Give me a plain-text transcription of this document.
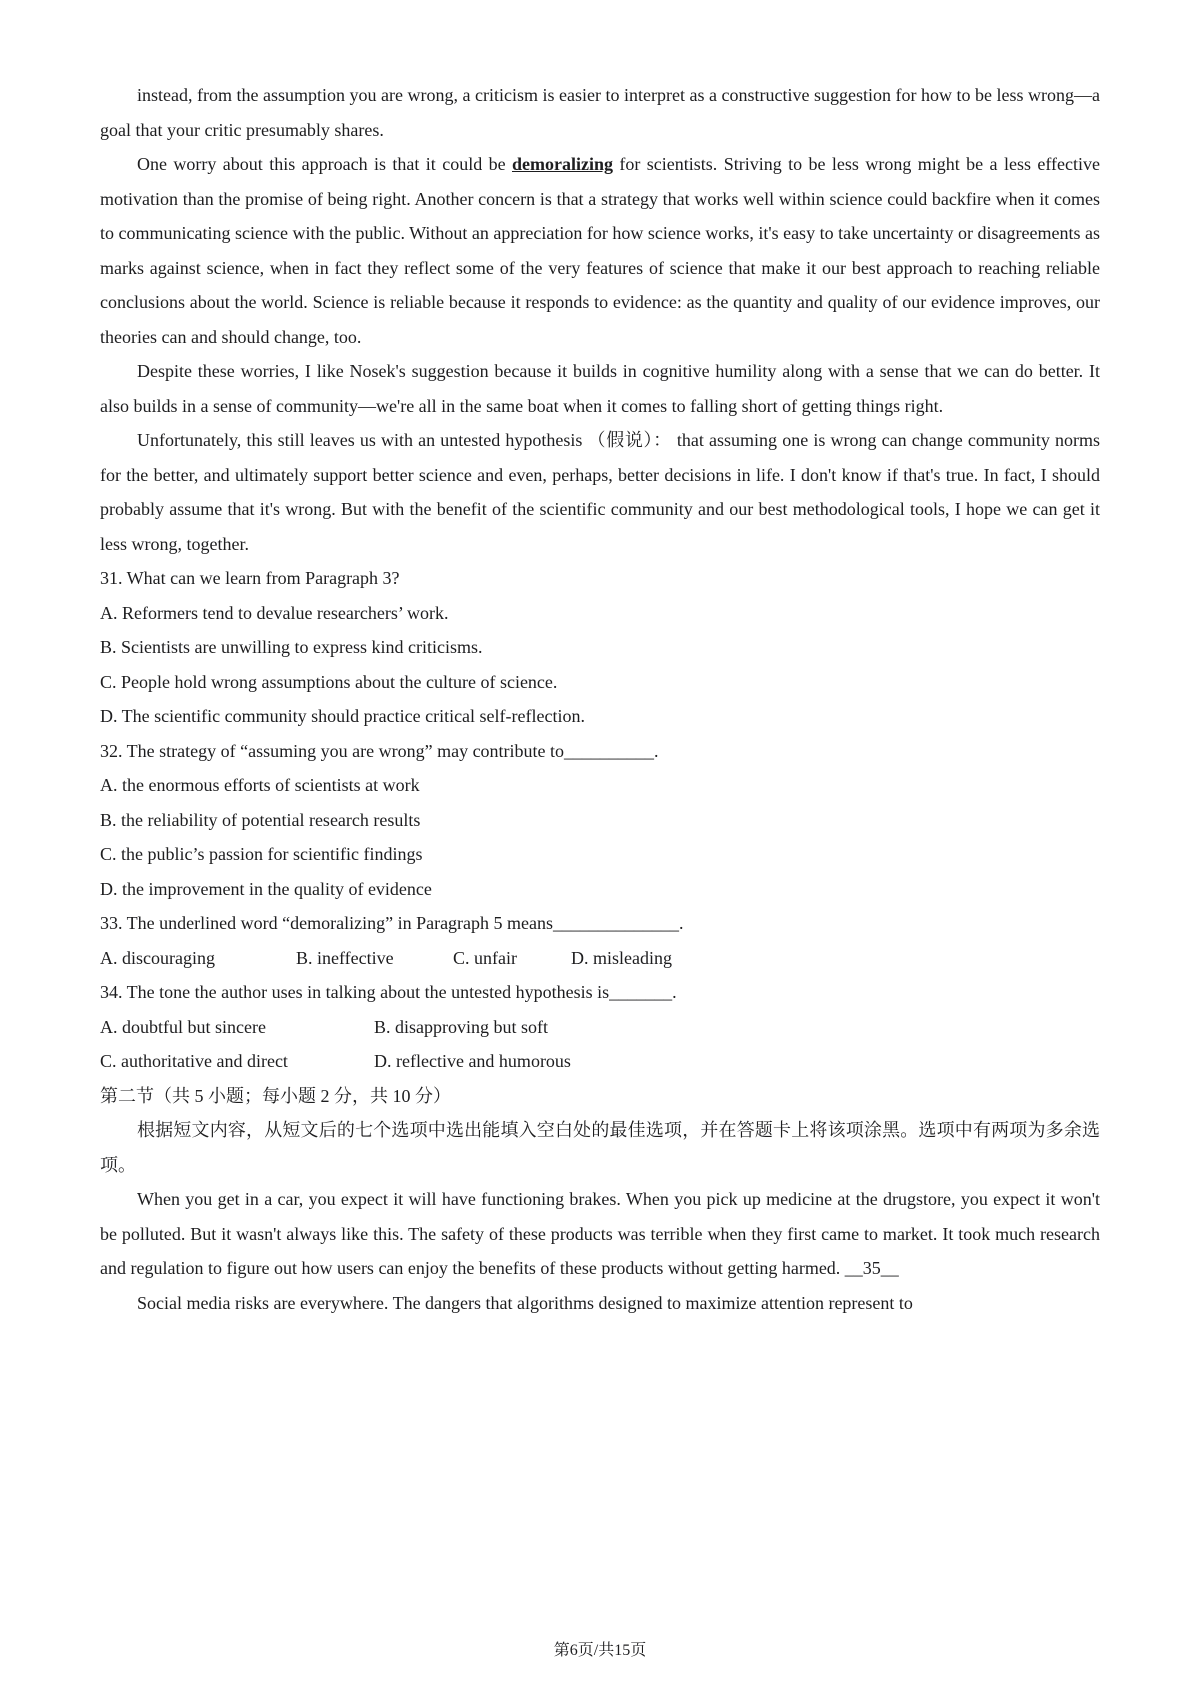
instead, from the assumption you are wrong, a criticism is easier to interpret as a constructive suggestion for how to be less wrong—a goal that your critic presumably shares.

One worry about this approach is that it could be demoralizing for scientists. Striving to be less wrong might be a less effective motivation than the promise of being right. Another concern is that a strategy that works well within science could backfire when it comes to communicating science with the public. Without an appreciation for how science works, it's easy to take uncertainty or disagreements as marks against science, when in fact they reflect some of the very features of science that make it our best approach to reaching reliable conclusions about the world. Science is reliable because it responds to evidence: as the quantity and quality of our evidence improves, our theories can and should change, too.

Despite these worries, I like Nosek's suggestion because it builds in cognitive humility along with a sense that we can do better. It also builds in a sense of community—we're all in the same boat when it comes to falling short of getting things right.

Unfortunately, this still leaves us with an untested hypothesis （假说）： that assuming one is wrong can change community norms for the better, and ultimately support better science and even, perhaps, better decisions in life. I don't know if that's true. In fact, I should probably assume that it's wrong. But with the benefit of the scientific community and our best methodological tools, I hope we can get it less wrong, together.

31. What can we learn from Paragraph 3?

A. Reformers tend to devalue researchers’ work.

B. Scientists are unwilling to express kind criticisms.

C. People hold wrong assumptions about the culture of science.

D. The scientific community should practice critical self-reflection.

32. The strategy of “assuming you are wrong” may contribute to__________.

A. the enormous efforts of scientists at work

B. the reliability of potential research results

C. the public’s passion for scientific findings

D. the improvement in the quality of evidence

33. The underlined word “demoralizing” in Paragraph 5 means______________.

A. discouraging	B. ineffective	C. unfair	D. misleading

34. The tone the author uses in talking about the untested hypothesis is_______.

A. doubtful but sincere	B. disapproving but soft

C. authoritative and direct	D. reflective and humorous

第二节（共 5 小题；每小题 2 分，共 10 分）

根据短文内容，从短文后的七个选项中选出能填入空白处的最佳选项，并在答题卡上将该项涂黑。选项中有两项为多余选项。

When you get in a car, you expect it will have functioning brakes. When you pick up medicine at the drugstore, you expect it won't be polluted. But it wasn't always like this. The safety of these products was terrible when they first came to market. It took much research and regulation to figure out how users can enjoy the benefits of these products without getting harmed. __35__

Social media risks are everywhere. The dangers that algorithms designed to maximize attention represent to

第6页/共15页
